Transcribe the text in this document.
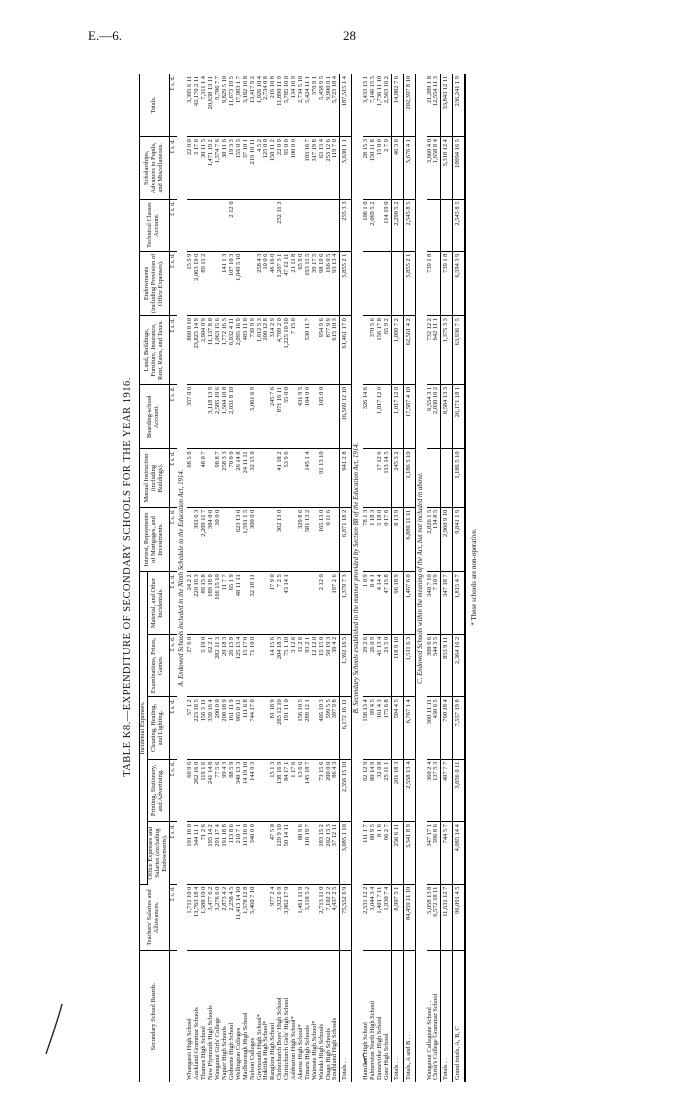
E.—6.	28
TABLE K8.—EXPENDITURE OF SECONDARY SCHOOLS FOR THE YEAR 1916.
Secondary School Boards.	Teachers' Salaries and Allowances.	Incidental Expenses.					Interest, Repayments of Mortgages, and Investments.	Manual Instruction (including Buildings).	Boarding-school Account.	Land, Buildings, Furniture, Insurance, Rent, Rates, and Taxes.	Endowments (including Provision of Office Expenses).	Technical Classes Account.	Scholarships, Advances to Pupils, and Miscellaneous.	Totals.
		Office Expenses and Salaries (excluding Endowments).	Printing, Stationery, and Advertising.	Cleaning, Heating, and Lighting.	Examinations, Prizes, Games.	Material, and Other Incidentals.								
	£ s. d.	£ s. d.	£ s. d.	£ s. d.	£ s. d.	£ s. d.	£ s. d.	£ s. d.	£ s. d.	£ s. d.	£ s. d.	£ s. d.	£ s. d.	£ s. d.
A. Endowed Schools included in the Ninth Schedule to the Education Act, 1914.														
Whangarei High School	1,711 10 0	191 16 0	60 9 6	57 1 2	27 6 0	24 2 2		68 5 0	357 0 0	860 0 10	15 5 9		22 0 0	3,395 6 11
Auckland Grammar Schools	13,763 18 4	344 11 1	262 16 0	223 18 5		220 16 3	392 6 3			23,825 14 9	2,063 19 0		3 17 0	42,170 2 11
Thames High School	1,588 10 0	71 2 6	119 1 6	156 3 11	5 19 0	89 15 8	2,209 11 7	48 0 7		2,904 0 9	89 11 2		30 11 5	7,311 1 4
New Plymouth High Schools	3,477 6 2	195 14 2	241 14 8	339 16 4	62 2 1	189 18 0	384 0 0		3,118 13 9	11,137 8 0			1,471 19 2	20,638 13 11
Wanganui Girls' College	3,276 6 0	291 17 4	77 5 6	200 0 0	282 11 3	166 15 10	30 0 0	98 8 7	2,585 19 6	1,063 15 6			1,574 7 6	9,786 7 7
Napier High Schools	2,873 4 2	191 18 8	99 4 3	200 18 9	20 18 3	11 7 7		258 3 3	1,504 10 8	1,772 16 5	141 1 3		30 11 6	9,829 5 10
Gisborne High School	2,258 4 5	113 8 6	88 5 9	161 11 9	26 15 9	65 1 9		70 0 0	2,031 8 10	6,032 4 11	107 10 3	2 12 0	19 3 3	11,673 19 5
Wellington Colleges	11,413 14 10	210 7 1	340 13 3	965 0 11	125 15 4	48 11 11	623 13 0	26 14 8		2,095 16 9	1,049 5 10		155 0 5	17,983 1 7
Marlborough High School	1,578 12 8	113 16 0	14 19 10	111 6 8	15 17 0		1,591 1 5	24 11 11		483 11 0			37 10 1	3,182 16 8
Nelson Colleges	5,460 7 10	340 0 0	144 9 3	744 17 0	71 10 0	32 18 11	300 0 0	32 15 0	5,061 6 9	739 9 9			219 10 11	13,417 9 2
Greymouth High School*										1,012 5 3	258 4 3		4 5 2	1,026 10 4
Hokitika High School*										200 12 8	10 0 6		125 0 0	2,734 0 8
Rangiora High School	977 2 4	47 5 0	15 1 3	81 18 9	14 15 6	17 9 0			245 7 6	314 2 9	46 16 0		150 11 2	216 10 8
Christchurch Boys' High School	3,922 6 9	129 9 10	138 16 9	283 12 10	204 18 3	7 2 5	362 13 0	41 18 2	871 16 11	4,789 2 0	1,207 3 1	252 11 3	22 0 0	11,890 11 9
Christchurch Girls' High School	3,862 17 0	50 14 11	84 17 1	191 11 0	75 1 10	43 14 1		53 9 6	55 0 0	1,225 10 10	47 12 11		95 0 0	5,785 10 0
Ashburton High School*			1 17 6		3 12 6					7 15 0	21 11 8		100 0 0	134 16 9
Akaroa High School*	1,461 11 9	80 9 6	13 6 6	156 10 5	11 2 6		329 8 6		431 9 5		65 9 0			2,734 5 10
Timaru High Schools	3,118 5 2	118 19 7	145 18 7	289 12 1	93 2 1		581 13 2	145 1 4	104 0 0	530 11 7	193 11 5		103 16 7	5,424 11 1
Waimate High School*					12 12 0						39 17 5		317 19 8	370 9 1
Waitaki High Schools	2,713 11 0	183 15 2	73 15 6	405 10 3	15 15 0	2 12 0	165 13 0	91 13 10	105 0 0	954 9 6	98 19 6		63 13 4	5,458 9 5
Otago High Schools	7,102 2 2	202 13 3	200 0 0	599 5 5	50 19 3		0 11 6			877 9 9	166 0 5		253 12 6	9,900 0 1
Southland High Schools	4,437 2 5	37 12 11	86 4 3	397 9 8	39 4 2	197 2 6				615 10 3	93 13 4		119 7 0	5,723 18 4
Totals . .	75,552 6 9	3,085 1 10	2,356 15 10	6,172 16 11	1,392 16 5	1,370 7 3	6,871 18 2	941 2 8	16,569 12 10	61,461 17 0	5,855 2 1	255 3 3	5,630 1 1	187,515 1 4
B. Secondary Schools established in the manner provided by Section 88 of the Education Act, 1914.														
Hamilton High School	2,531 12 2	111 1 7	62 12 9	158 13 4	29 2 6	1 0 9	78 1 3		326 14 6			106 1 0	28 15 3	3,433 15 1
Palmerston North High School	3,044 3 4	80 9 5	80 14 9	99 4 5	26 0 9	8 4 1	1 18 3			370 5 6		2,069 5 2	150 11 8	7,146 15 5
Dannevirke High School	1,401 7 11	8 1 6	32 0 8	161 4 3	41 13 4	4 14 4	5 18 0	17 12 6	1,017 12 0	156 17 8			15 0 0	1,736 11 10
Gore High School	1,930 7 4	66 2 7	25 11 1	175 6 8	21 5 0	47 15 8	0 17 6	113 14 5		65 9 2		114 19 0	2 7 9	2,563 16 2
Totals . .	8,907 5 1	256 6 11	201 18 3	594 4 5	118 9 10	96 18 9	8 13 9	245 3 2	1,017 12 0	1,099 7 2		2,290 5 2	46 3 0	14,882 7 6
Totals, A and B . .	84,459 11 10	3,341 8 9	2,558 13 4	6,767 1 4	1,511 6 3	1,467 6 0	6,880 11 11	1,186 5 10	17,587 4 10	62,561 4 2	5,855 2 1	2,545 8 5	5,676 4 1	202,397 8 10
C. Endowed Schools within the meaning of the Act, but not included in above.														
Wanganui Collegiate School . .	5,058 13 8	347 17 1	360 2 4	360 11 11	309 6 6	340 7 10	2,826 1 5		6,554 3 1	732 12 2	739 1 8		3,660 4 0	21,289 1 8
Christ's College Grammar School	6,572 18 11	396 8 6	137 5 3	430 6 5	544 3 5	7 10 9	134 8 5		2,030 10 2	642 11 1			1,658 8 4	12,554 11 3
Totals . .	11,631 12 7	744 5 7	497 7 7	790 18 4	853 9 11	347 18 7	2,960 9 10		8,584 13 3	1,375 3 3	739 1 8		5,318 12 4	33,843 12 11
Grand totals, A, B, C	96,091 4 5	4,085 14 4	3,056 0 11	7,557 19 8	2,364 16 2	1,815 4 7	9,841 1 9	1,186 5 10	26,171 18 1	63,936 7 5	6,594 3 9	2,545 8 5	10994 16 5	236,241 1 9
* These schools are non-operative.
